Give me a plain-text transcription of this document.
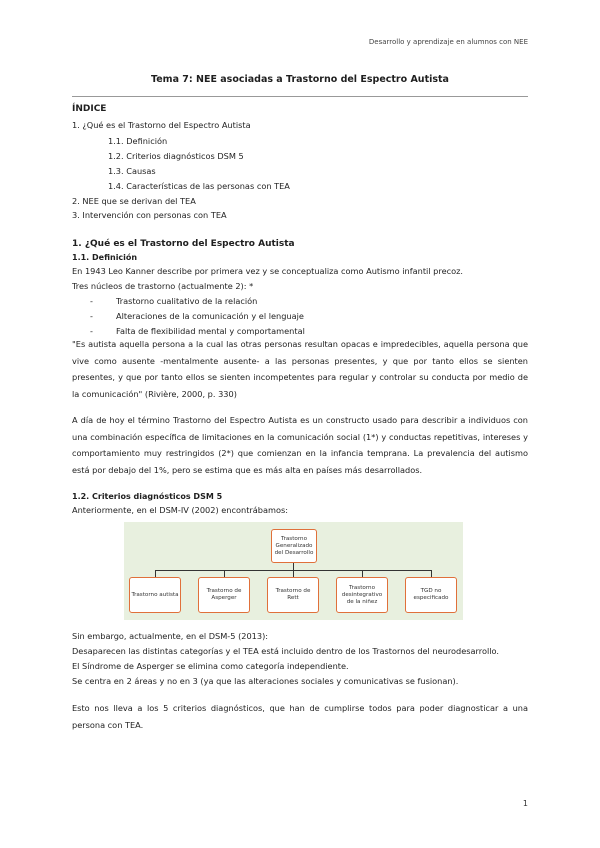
Desarrollo y aprendizaje en alumnos con NEE
Tema 7: NEE asociadas a Trastorno del Espectro Autista
ÍNDICE
1. ¿Qué es el Trastorno del Espectro Autista
1.1. Definición
1.2. Criterios diagnósticos DSM 5
1.3. Causas
1.4. Características de las personas con TEA
2. NEE que se derivan del TEA
3. Intervención con personas con TEA
1. ¿Qué es el Trastorno del Espectro Autista
1.1. Definición
En 1943 Leo Kanner describe por primera vez y se conceptualiza como Autismo infantil precoz.
Tres núcleos de trastorno (actualmente 2): *
-	Trastorno cualitativo de la relación
-	Alteraciones de la comunicación y el lenguaje
-	Falta de flexibilidad mental y comportamental
"Es autista aquella persona a la cual las otras personas resultan opacas e impredecibles, aquella persona que vive como ausente -mentalmente ausente- a las personas presentes, y que por tanto ellos se sienten presentes, y que por tanto ellos se sienten incompetentes para regular y controlar su conducta por medio de la comunicación" (Rivière, 2000, p. 330)
A día de hoy el término Trastorno del Espectro Autista es un constructo usado para describir a individuos con una combinación específica de limitaciones en la comunicación social (1*) y conductas repetitivas, intereses y comportamiento muy restringidos (2*) que comienzan en la infancia temprana. La prevalencia del autismo está por debajo del 1%, pero se estima que es más alta en países más desarrollados.
1.2. Criterios diagnósticos DSM 5
Anteriormente, en el DSM-IV (2002) encontrábamos:
Trastorno Generalizado del Desarrollo
Trastorno autista
Trastorno de Asperger
Trastorno de Rett
Trastorno desintegrativo de la niñez
TGD no especificado
Sin embargo, actualmente, en el DSM-5 (2013):
Desaparecen las distintas categorías y el TEA está incluido dentro de los Trastornos del neurodesarrollo.
El Síndrome de Asperger se elimina como categoría independiente.
Se centra en 2 áreas y no en 3 (ya que las alteraciones sociales y comunicativas se fusionan).
Esto nos lleva a los 5 criterios diagnósticos, que han de cumplirse todos para poder diagnosticar a una persona con TEA.
1
